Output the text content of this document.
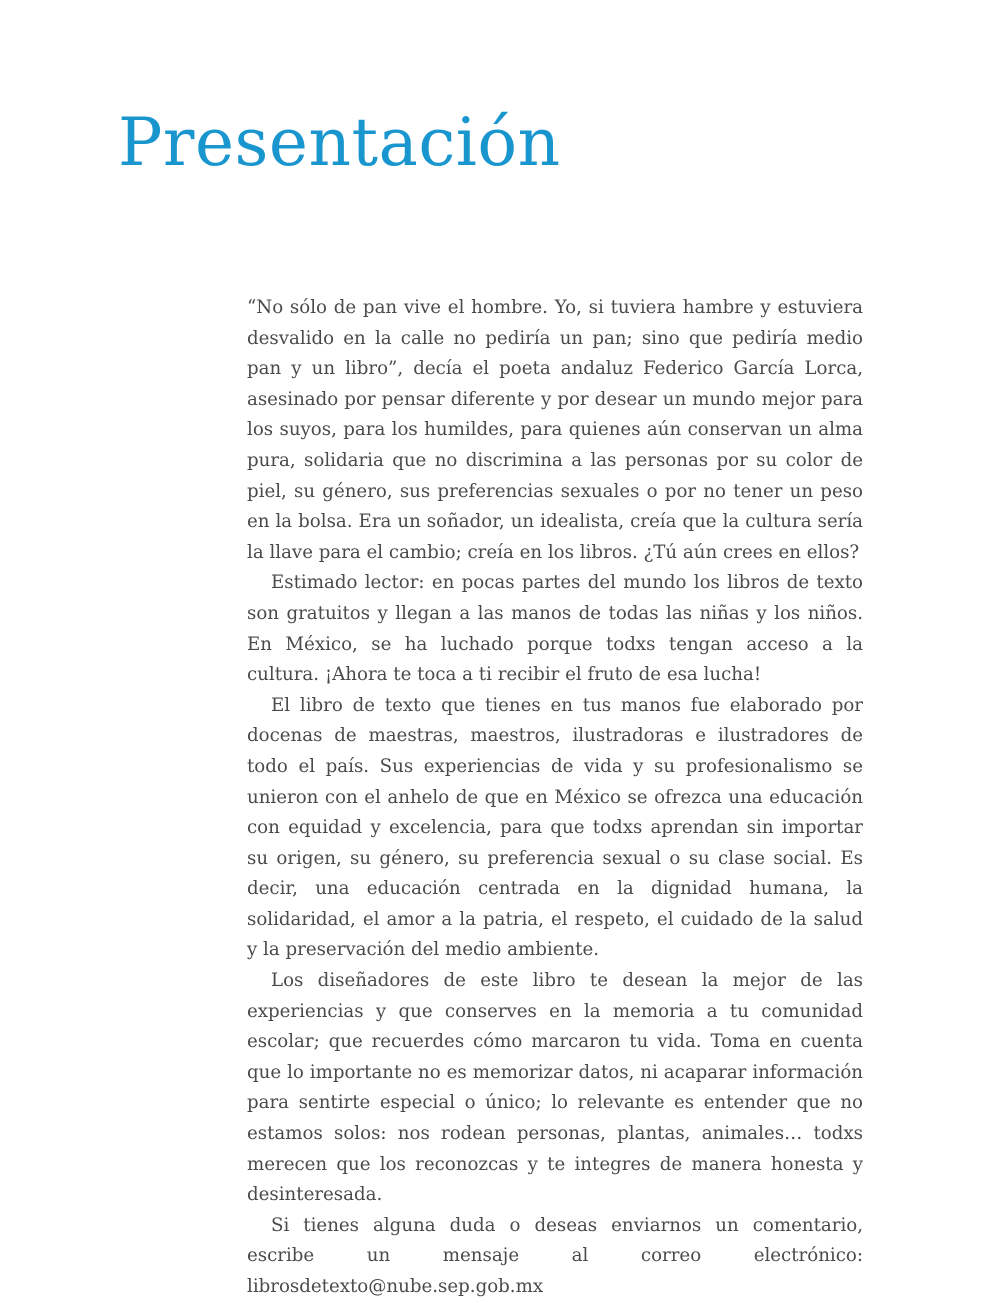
Presentación

“No sólo de pan vive el hombre. Yo, si tuviera hambre y estuviera desvalido en la calle no pediría un pan; sino que pediría medio pan y un libro”, decía el poeta andaluz Federico García Lorca, asesinado por pensar diferente y por desear un mundo mejor para los suyos, para los humildes, para quienes aún conservan un alma pura, solidaria que no discrimina a las personas por su color de piel, su género, sus preferencias sexuales o por no tener un peso en la bolsa. Era un soñador, un idealista, creía que la cultura sería la llave para el cambio; creía en los libros. ¿Tú aún crees en ellos?

Estimado lector: en pocas partes del mundo los libros de texto son gratuitos y llegan a las manos de todas las niñas y los niños. En México, se ha luchado porque todxs tengan acceso a la cultura. ¡Ahora te toca a ti recibir el fruto de esa lucha!

El libro de texto que tienes en tus manos fue elaborado por docenas de maestras, maestros, ilustradoras e ilustradores de todo el país. Sus experiencias de vida y su profesionalismo se unieron con el anhelo de que en México se ofrezca una educación con equidad y excelencia, para que todxs aprendan sin importar su origen, su género, su preferencia sexual o su clase social. Es decir, una educación centrada en la dignidad humana, la solidaridad, el amor a la patria, el respeto, el cuidado de la salud y la preservación del medio ambiente.

Los diseñadores de este libro te desean la mejor de las experiencias y que conserves en la memoria a tu comunidad escolar; que recuerdes cómo marcaron tu vida. Toma en cuenta que lo importante no es memorizar datos, ni acaparar información para sentirte especial o único; lo relevante es entender que no estamos solos: nos rodean personas, plantas, animales… todxs merecen que los reconozcas y te integres de manera honesta y desinteresada.

Si tienes alguna duda o deseas enviarnos un comentario, escribe un mensaje al correo electrónico: librosdetexto@nube.sep.gob.mx
